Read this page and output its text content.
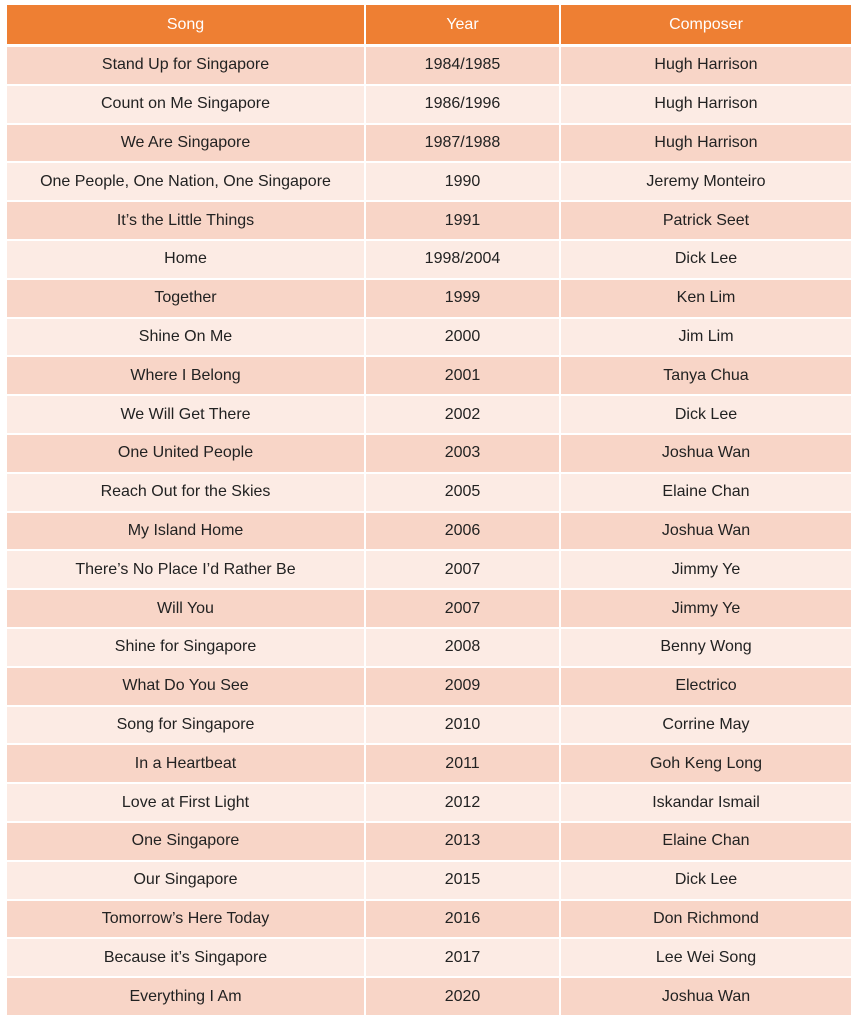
Song	Year	Composer
Stand Up for Singapore	1984/1985	Hugh Harrison
Count on Me Singapore	1986/1996	Hugh Harrison
We Are Singapore	1987/1988	Hugh Harrison
One People, One Nation, One Singapore	1990	Jeremy Monteiro
It’s the Little Things	1991	Patrick Seet
Home	1998/2004	Dick Lee
Together	1999	Ken Lim
Shine On Me	2000	Jim Lim
Where I Belong	2001	Tanya Chua
We Will Get There	2002	Dick Lee
One United People	2003	Joshua Wan
Reach Out for the Skies	2005	Elaine Chan
My Island Home	2006	Joshua Wan
There’s No Place I’d Rather Be	2007	Jimmy Ye
Will You	2007	Jimmy Ye
Shine for Singapore	2008	Benny Wong
What Do You See	2009	Electrico
Song for Singapore	2010	Corrine May
In a Heartbeat	2011	Goh Keng Long
Love at First Light	2012	Iskandar Ismail
One Singapore	2013	Elaine Chan
Our Singapore	2015	Dick Lee
Tomorrow’s Here Today	2016	Don Richmond
Because it’s Singapore	2017	Lee Wei Song
Everything I Am	2020	Joshua Wan
